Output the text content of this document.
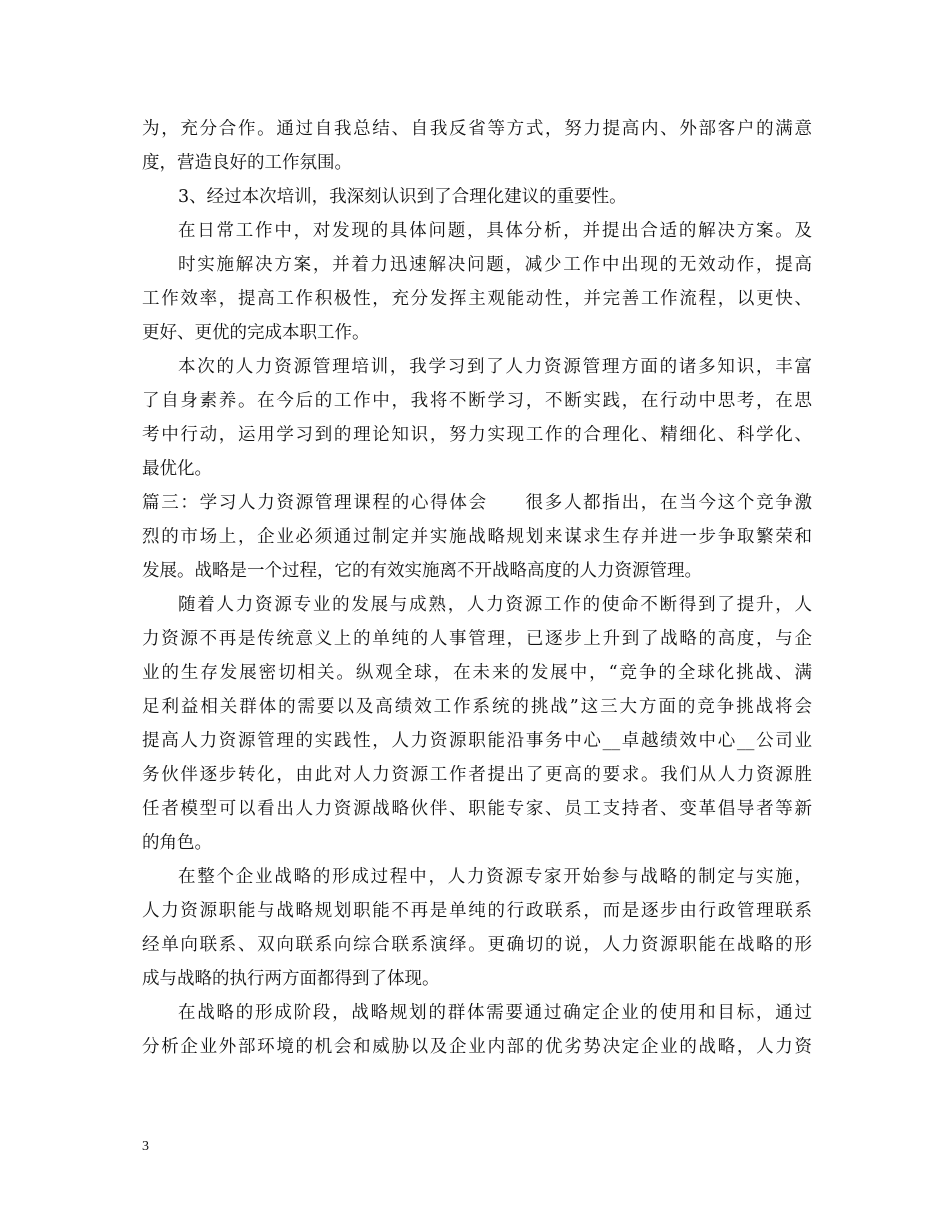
为，充分合作。通过自我总结、自我反省等方式，努力提高内、外部客户的满意
度，营造良好的工作氛围。
3、经过本次培训，我深刻认识到了合理化建议的重要性。
在日常工作中，对发现的具体问题，具体分析，并提出合适的解决方案。及
时实施解决方案，并着力迅速解决问题，减少工作中出现的无效动作，提高
工作效率，提高工作积极性，充分发挥主观能动性，并完善工作流程，以更快、
更好、更优的完成本职工作。
本次的人力资源管理培训，我学习到了人力资源管理方面的诸多知识，丰富
了自身素养。在今后的工作中，我将不断学习，不断实践，在行动中思考，在思
考中行动，运用学习到的理论知识，努力实现工作的合理化、精细化、科学化、
最优化。
篇三：学习人力资源管理课程的心得体会 很多人都指出，在当今这个竞争激
烈的市场上，企业必须通过制定并实施战略规划来谋求生存并进一步争取繁荣和
发展。战略是一个过程，它的有效实施离不开战略高度的人力资源管理。
随着人力资源专业的发展与成熟，人力资源工作的使命不断得到了提升，人
力资源不再是传统意义上的单纯的人事管理，已逐步上升到了战略的高度，与企
业的生存发展密切相关。纵观全球，在未来的发展中，“竞争的全球化挑战、满
足利益相关群体的需要以及高绩效工作系统的挑战”这三大方面的竞争挑战将会
提高人力资源管理的实践性，人力资源职能沿事务中心__卓越绩效中心__公司业
务伙伴逐步转化，由此对人力资源工作者提出了更高的要求。我们从人力资源胜
任者模型可以看出人力资源战略伙伴、职能专家、员工支持者、变革倡导者等新
的角色。
在整个企业战略的形成过程中，人力资源专家开始参与战略的制定与实施，
人力资源职能与战略规划职能不再是单纯的行政联系，而是逐步由行政管理联系
经单向联系、双向联系向综合联系演绎。更确切的说，人力资源职能在战略的形
成与战略的执行两方面都得到了体现。
在战略的形成阶段，战略规划的群体需要通过确定企业的使用和目标，通过
分析企业外部环境的机会和威胁以及企业内部的优劣势决定企业的战略，人力资
3
